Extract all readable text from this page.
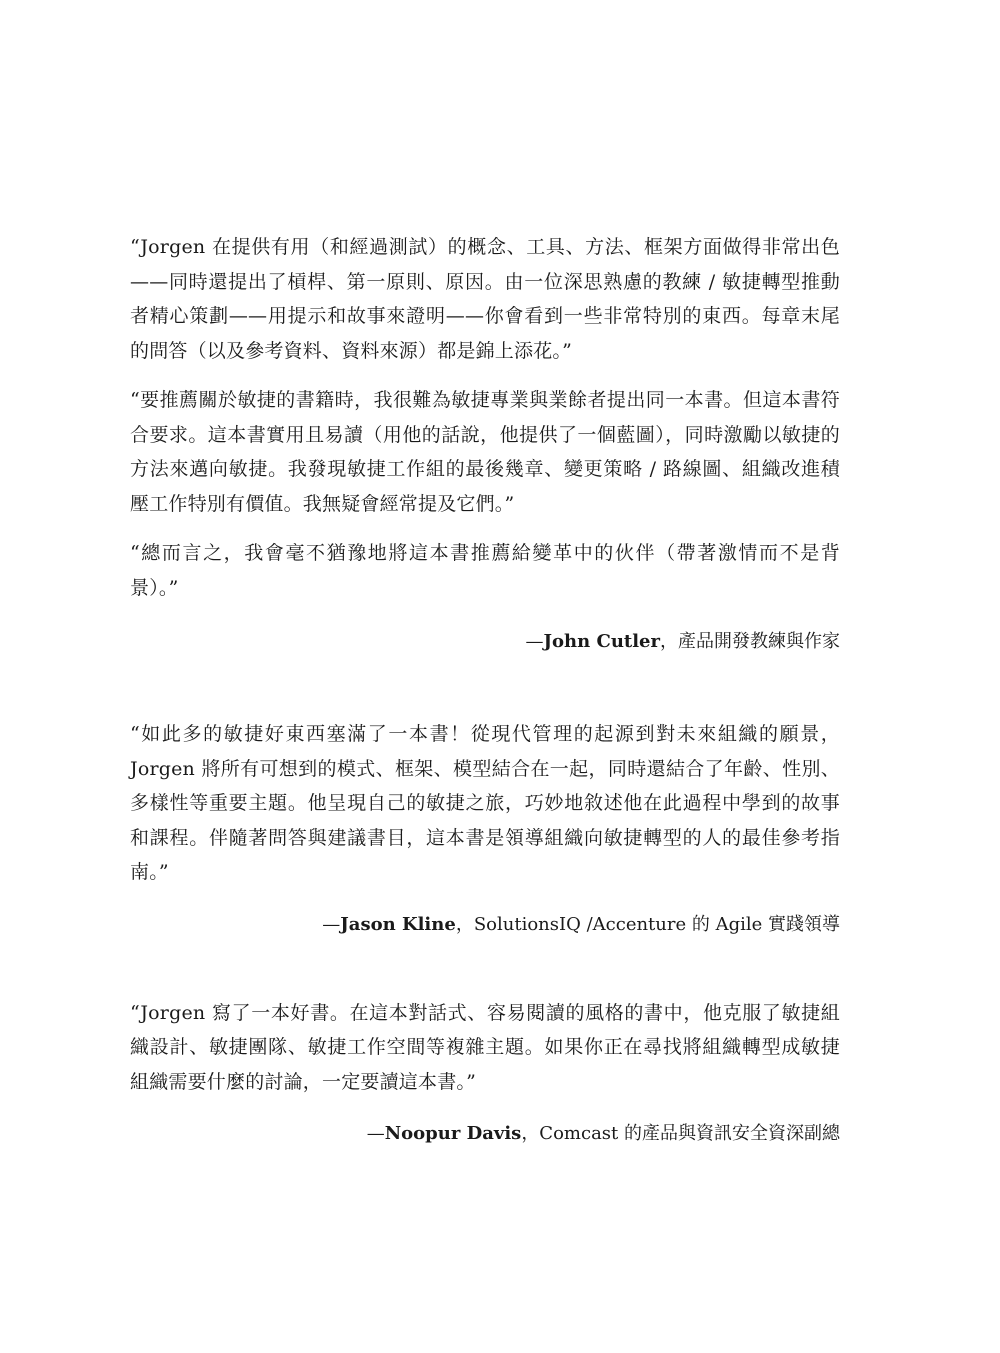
“Jorgen 在提供有用（和經過測試）的概念、工具、方法、框架方面做得非常出色——同時還提出了槓桿、第一原則、原因。由一位深思熟慮的教練 / 敏捷轉型推動者精心策劃——用提示和故事來證明——你會看到一些非常特別的東西。每章末尾的問答（以及參考資料、資料來源）都是錦上添花。”

“要推薦關於敏捷的書籍時，我很難為敏捷專業與業餘者提出同一本書。但這本書符合要求。這本書實用且易讀（用他的話說，他提供了一個藍圖），同時激勵以敏捷的方法來邁向敏捷。我發現敏捷工作組的最後幾章、變更策略 / 路線圖、組織改進積壓工作特別有價值。我無疑會經常提及它們。”

“總而言之，我會毫不猶豫地將這本書推薦給變革中的伙伴（帶著激情而不是背景）。”

—John Cutler，產品開發教練與作家

“如此多的敏捷好東西塞滿了一本書！從現代管理的起源到對未來組織的願景，Jorgen 將所有可想到的模式、框架、模型結合在一起，同時還結合了年齡、性別、多樣性等重要主題。他呈現自己的敏捷之旅，巧妙地敘述他在此過程中學到的故事和課程。伴隨著問答與建議書目，這本書是領導組織向敏捷轉型的人的最佳參考指南。”

—Jason Kline，SolutionsIQ /Accenture 的 Agile 實踐領導

“Jorgen 寫了一本好書。在這本對話式、容易閱讀的風格的書中，他克服了敏捷組織設計、敏捷團隊、敏捷工作空間等複雜主題。如果你正在尋找將組織轉型成敏捷組織需要什麼的討論，一定要讀這本書。”

—Noopur Davis，Comcast 的產品與資訊安全資深副總
